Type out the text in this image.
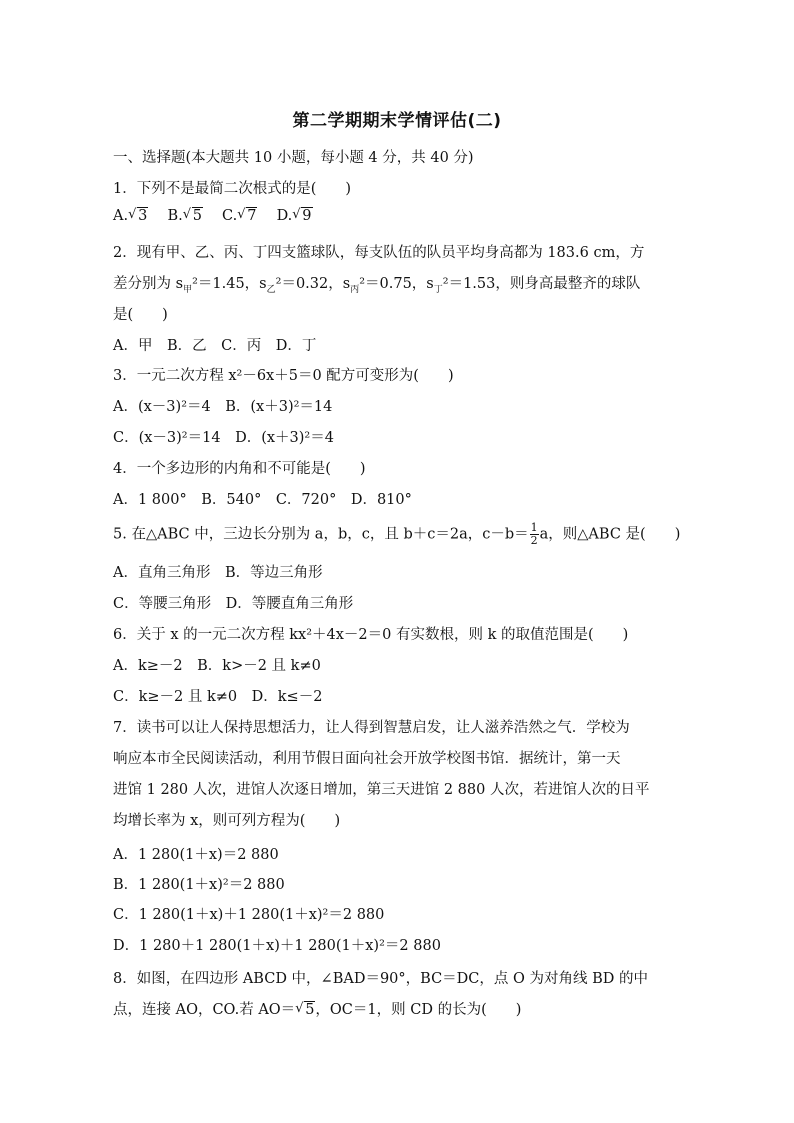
第二学期期末学情评估(二)
一、选择题(本大题共 10 小题，每小题 4 分，共 40 分)
1．下列不是最简二次根式的是(　　)
A. √ 3  B. √ 5  C. √ 7  D. √ 9
2．现有甲、乙、丙、丁四支篮球队，每支队伍的队员平均身高都为 183.6 cm，方
差分别为 $s_甲^2=1.45$，$s_乙^2=0.32$，$s_丙^2=0.75$，$s_丁^2=1.53$，则身高最整齐的球队
是(　　)
A．甲　B．乙　C．丙　D．丁
3．一元二次方程 x²－6x＋5＝0 配方可变形为(　　)
A．(x－3)²＝4　B．(x＋3)²＝14
C．(x－3)²＝14　D．(x＋3)²＝4
4．一个多边形的内角和不可能是(　　)
A．1 800°　B．540°　C．720°　D．810°
5. 在△ABC 中，三边长分别为 a，b，c，且 b＋c＝2a，$c-b= \frac{1}{2}$ a，则△ABC 是(　　)
A．直角三角形　B．等边三角形
C．等腰三角形　D．等腰直角三角形
6．关于 x 的一元二次方程 kx²＋4x－2＝0 有实数根，则 k 的取值范围是(　　)
A．k≥－2　B．k>－2 且 k≠0
C．k≥－2 且 k≠0　D．k≤－2
7．读书可以让人保持思想活力，让人得到智慧启发，让人滋养浩然之气．学校为
响应本市全民阅读活动，利用节假日面向社会开放学校图书馆．据统计，第一天
进馆 1 280 人次，进馆人次逐日增加，第三天进馆 2 880 人次，若进馆人次的日平
均增长率为 x，则可列方程为(　　)
A．1 280(1＋x)＝2 880
B．1 280(1＋x)²＝2 880
C．1 280(1＋x)＋1 280(1＋x)²＝2 880
D．1 280＋1 280(1＋x)＋1 280(1＋x)²＝2 880
8．如图，在四边形 ABCD 中，∠BAD＝90°，BC＝DC，点 O 为对角线 BD 的中
点，连接 AO，CO.若 AO＝ √ 5，OC＝1，则 CD 的长为(　　)
